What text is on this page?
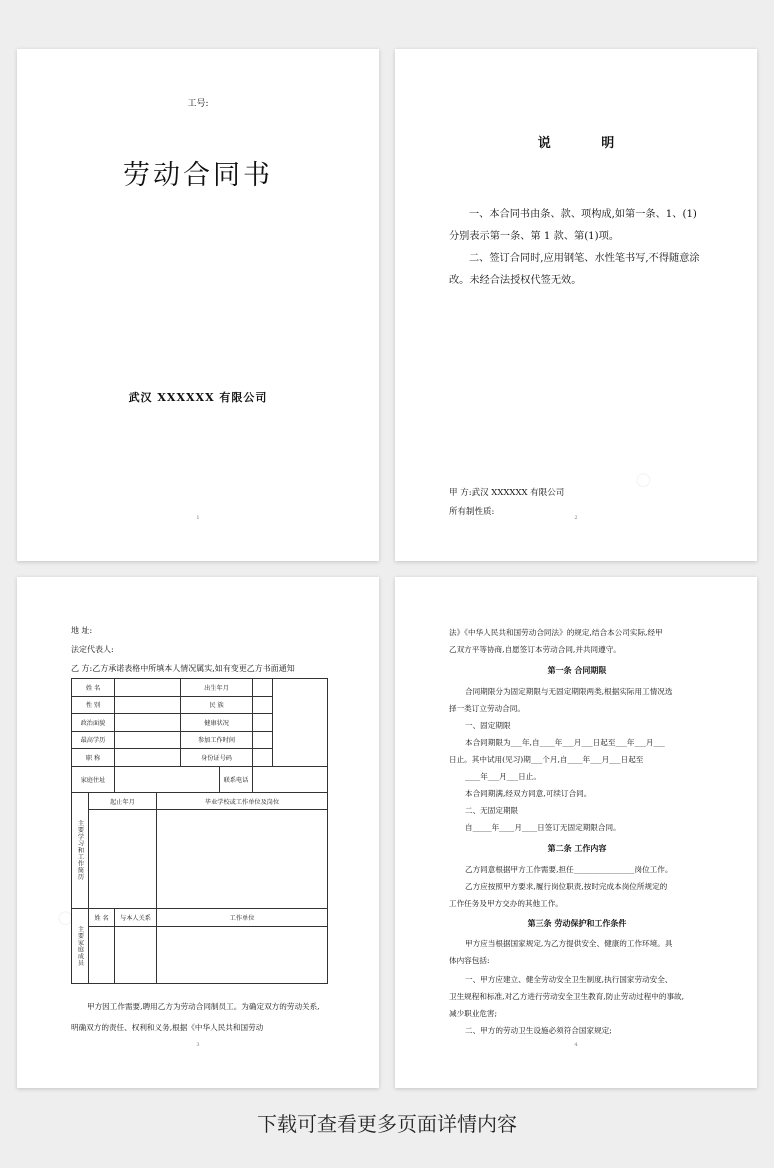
工号:
劳动合同书
武汉 XXXXXX 有限公司
1
说 明
一、本合同书由条、款、项构成,如第一条、1、(1)分别表示第一条、第 1 款、第(1)项。
二、签订合同时,应用钢笔、水性笔书写,不得随意涂改。未经合法授权代签无效。
甲 方:武汉 XXXXXX 有限公司
所有制性质:
○
2
地 址:
法定代表人:
乙 方:乙方承诺表格中所填本人情况属实,如有变更乙方书面通知
姓 名				出生年月			
性 别				民 族			
政治面貌				健康状况			
最高学历				参加工作时间			
职 称				身份证号码			
家庭住址					联系电话		
主要学习和工作简历	起止年月		毕业学校或工作单位及岗位				

主要家庭成员	姓 名	与本人关系	工作单位				

甲方因工作需要,聘用乙方为劳动合同制员工。为确定双方的劳动关系,明确双方的责任、权利和义务,根据《中华人民共和国劳动
○
3
法》《中华人民共和国劳动合同法》的规定,结合本公司实际,经甲
乙双方平等协商,自愿签订本劳动合同,并共同遵守。
第一条 合同期限
合同期限分为固定期限与无固定期限两类,根据实际用工情况选
择一类订立劳动合同。
一、固定期限
本合同期限为___年,自____年___月___日起至___年___月___
日止。其中试用(见习)期___个月,自____年___月___日起至
____年___月___日止。
本合同期满,经双方同意,可续订合同。
二、无固定期限
自_____年____月____日签订无固定期限合同。
第二条 工作内容
乙方同意根据甲方工作需要,担任________________岗位工作。
乙方应按照甲方要求,履行岗位职责,按时完成本岗位所规定的
工作任务及甲方交办的其他工作。
第三条 劳动保护和工作条件
甲方应当根据国家规定,为乙方提供安全、健康的工作环境。具
体内容包括:
一、甲方应建立、健全劳动安全卫生制度,执行国家劳动安全、
卫生规程和标准,对乙方进行劳动安全卫生教育,防止劳动过程中的事故,
减少职业危害;
二、甲方的劳动卫生设施必须符合国家规定;
4
下载可查看更多页面详情内容
